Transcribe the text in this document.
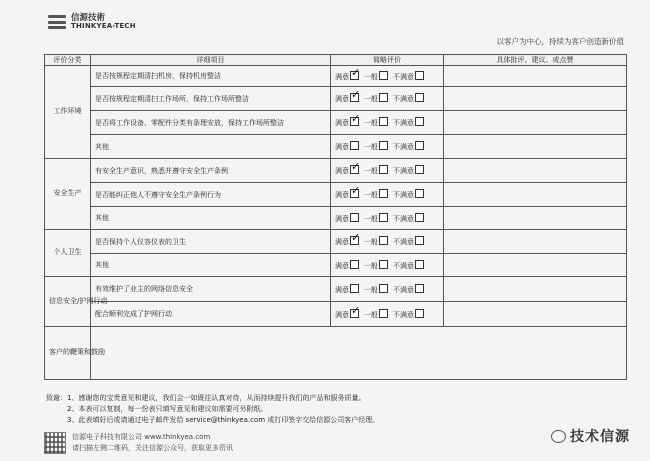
信源技術
THINKYEA-TECH
以客户为中心，持续为客户创造新价值
评价分类	详细项目	简略评价	具体批评、建议、或点赞
工作环境	是否按规程定期清扫机房，保持机房整洁	满意 ✓ 一般 不满意	
	是否按规程定期清扫工作场所，保持工作场所整洁	满意 ✓ 一般 不满意	
	是否将工作设备、零配件分类有条理安放，保持工作场所整洁	满意 ✓ 一般 不满意	
	其他	满意 一般 不满意	
安全生产	有安全生产意识，熟悉并遵守安全生产条例	满意 ✓ 一般 不满意	
	是否能纠正他人不遵守安全生产条例行为	满意 ✓ 一般 不满意	
	其他	满意 一般 不满意	
个人卫生	是否保持个人仪容仪表的卫生	满意 ✓ 一般 不满意	
	其他	满意 一般 不满意	
信息安全/护网行动	有效维护了业主的网络信息安全	满意 一般 不满意	
	配合顺利完成了护网行动	满意 ✓ 一般 不满意	
客户的鞭策和鼓励			
致谢：1、感谢您的宝贵意见和建议，我们会一如既往认真对待，从而持续提升我们的产品和服务质量。
2、本表可以复制，每一份表只填写意见和建议如需要可另附纸。
3、此表填好后或请通过电子邮件发给 service@thinkyea.com 或打印签字交给信源公司客户经理。
信源电子科技有限公司 www.thinkyea.com
请扫描左侧二维码，关注信源公众号，获取更多资讯
技术信源
